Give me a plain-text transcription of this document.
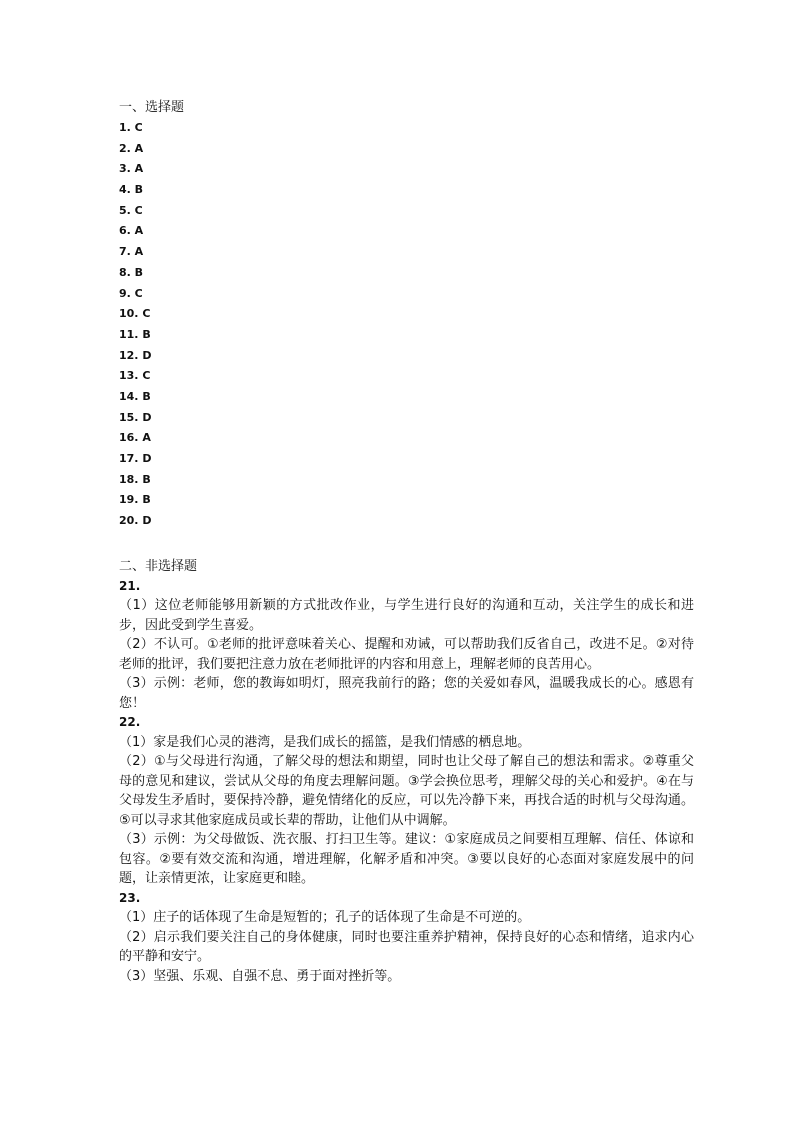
一、选择题
1. C
2. A
3. A
4. B
5. C
6. A
7. A
8. B
9. C
10. C
11. B
12. D
13. C
14. B
15. D
16. A
17. D
18. B
19. B
20. D
二、非选择题
21.
（1）这位老师能够用新颖的方式批改作业，与学生进行良好的沟通和互动，关注学生的成长和进步，因此受到学生喜爱。
（2）不认可。①老师的批评意味着关心、提醒和劝诫，可以帮助我们反省自己，改进不足。②对待老师的批评，我们要把注意力放在老师批评的内容和用意上，理解老师的良苦用心。
（3）示例：老师，您的教诲如明灯，照亮我前行的路；您的关爱如春风，温暖我成长的心。感恩有您！
22.
（1）家是我们心灵的港湾，是我们成长的摇篮，是我们情感的栖息地。
（2）①与父母进行沟通，了解父母的想法和期望，同时也让父母了解自己的想法和需求。②尊重父母的意见和建议，尝试从父母的角度去理解问题。③学会换位思考，理解父母的关心和爱护。④在与父母发生矛盾时，要保持冷静，避免情绪化的反应，可以先冷静下来，再找合适的时机与父母沟通。⑤可以寻求其他家庭成员或长辈的帮助，让他们从中调解。
（3）示例：为父母做饭、洗衣服、打扫卫生等。建议：①家庭成员之间要相互理解、信任、体谅和包容。②要有效交流和沟通，增进理解，化解矛盾和冲突。③要以良好的心态面对家庭发展中的问题，让亲情更浓，让家庭更和睦。
23.
（1）庄子的话体现了生命是短暂的；孔子的话体现了生命是不可逆的。
（2）启示我们要关注自己的身体健康，同时也要注重养护精神，保持良好的心态和情绪，追求内心的平静和安宁。
（3）坚强、乐观、自强不息、勇于面对挫折等。
